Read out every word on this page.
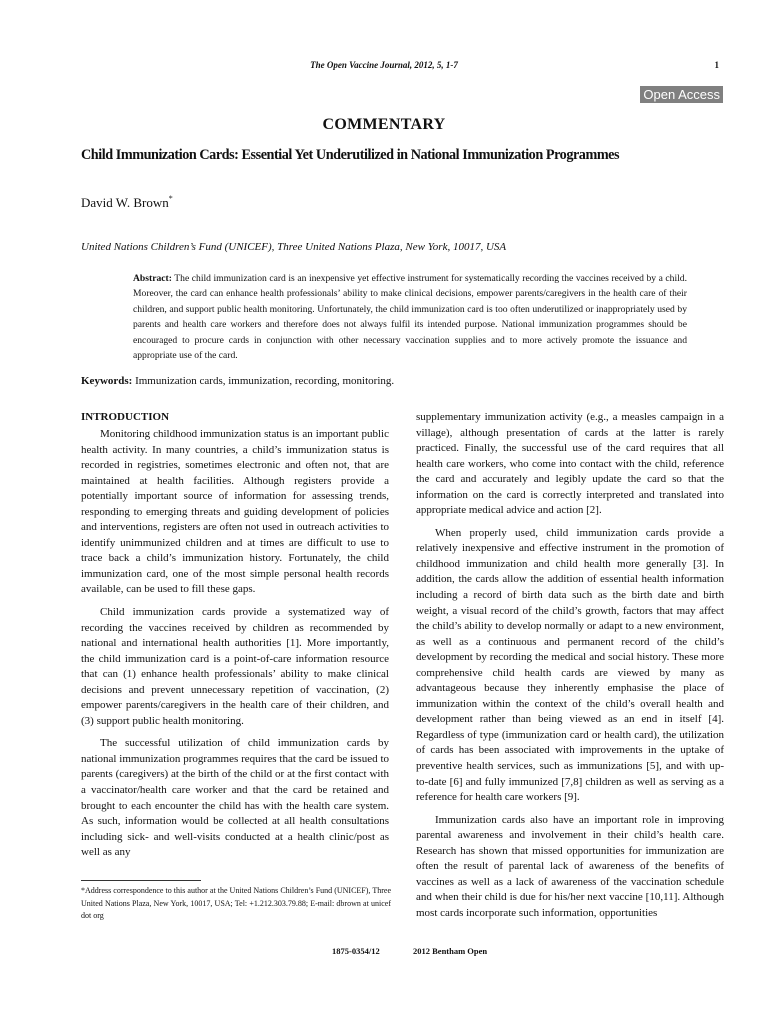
The Open Vaccine Journal, 2012, 5, 1-7	1
Open Access
COMMENTARY
Child Immunization Cards: Essential Yet Underutilized in National Immunization Programmes
David W. Brown*
United Nations Children’s Fund (UNICEF), Three United Nations Plaza, New York, 10017, USA
Abstract: The child immunization card is an inexpensive yet effective instrument for systematically recording the vaccines received by a child. Moreover, the card can enhance health professionals’ ability to make clinical decisions, empower parents/caregivers in the health care of their children, and support public health monitoring. Unfortunately, the child immunization card is too often underutilized or inappropriately used by parents and health care workers and therefore does not always fulfil its intended purpose. National immunization programmes should be encouraged to procure cards in conjunction with other necessary vaccination supplies and to more actively promote the issuance and appropriate use of the card.
Keywords: Immunization cards, immunization, recording, monitoring.
INTRODUCTION

Monitoring childhood immunization status is an important public health activity. In many countries, a child’s immunization status is recorded in registries, sometimes electronic and often not, that are maintained at health facilities. Although registers provide a potentially important source of information for assessing trends, responding to emerging threats and guiding development of policies and interventions, registers are often not used in outreach activities to identify unimmunized children and at times are difficult to use to trace back a child’s immunization history. Fortunately, the child immunization card, one of the most simple personal health records available, can be used to fill these gaps.

Child immunization cards provide a systematized way of recording the vaccines received by children as recommended by national and international health authorities [1]. More importantly, the child immunization card is a point-of-care information resource that can (1) enhance health professionals’ ability to make clinical decisions and prevent unnecessary repetition of vaccination, (2) empower parents/caregivers in the health care of their children, and (3) support public health monitoring.

The successful utilization of child immunization cards by national immunization programmes requires that the card be issued to parents (caregivers) at the birth of the child or at the first contact with a vaccinator/health care worker and that the card be retained and brought to each encounter the child has with the health care system. As such, information would be collected at all health consultations including sick- and well-visits conducted at a health clinic/post as well as any

supplementary immunization activity (e.g., a measles campaign in a village), although presentation of cards at the latter is rarely practiced. Finally, the successful use of the card requires that all health care workers, who come into contact with the child, reference the card and accurately and legibly update the card so that the information on the card is correctly interpreted and translated into appropriate medical advice and action [2].

When properly used, child immunization cards provide a relatively inexpensive and effective instrument in the promotion of childhood immunization and child health more generally [3]. In addition, the cards allow the addition of essential health information including a record of birth data such as the birth date and birth weight, a visual record of the child’s growth, factors that may affect the child’s ability to develop normally or adapt to a new environment, as well as a continuous and permanent record of the child’s development by recording the medical and social history. These more comprehensive child health cards are viewed by many as advantageous because they inherently emphasise the place of immunization within the context of the child’s overall health and development rather than being viewed as an end in itself [4]. Regardless of type (immunization card or health card), the utilization of cards has been associated with improvements in the uptake of preventive health services, such as immunizations [5], and with up-to-date [6] and fully immunized [7,8] children as well as serving as a reference for health care workers [9].

Immunization cards also have an important role in improving parental awareness and involvement in their child’s health care. Research has shown that missed opportunities for immunization are often the result of parental lack of awareness of the benefits of vaccines as well as a lack of awareness of the vaccination schedule and when their child is due for his/her next vaccine [10,11]. Although most cards incorporate such information, opportunities

*Address correspondence to this author at the United Nations Children’s Fund (UNICEF), Three United Nations Plaza, New York, 10017, USA; Tel: +1.212.303.79.88; E-mail: dbrown at unicef dot org
1875-0354/12	2012 Bentham Open
